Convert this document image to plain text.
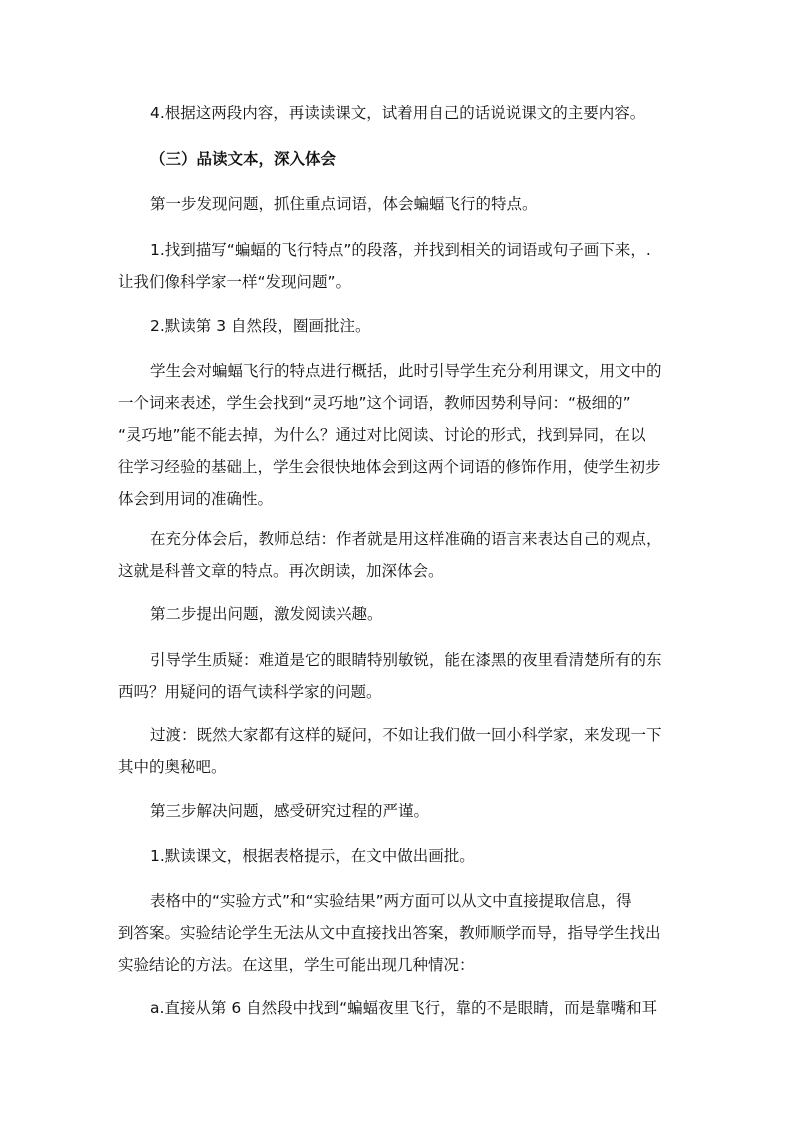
4.根据这两段内容，再读读课文，试着用自己的话说说课文的主要内容。

（三）品读文本，深入体会

第一步发现问题，抓住重点词语，体会蝙蝠飞行的特点。

1.找到描写“蝙蝠的飞行特点”的段落，并找到相关的词语或句子画下来，.
让我们像科学家一样“发现问题”。

2.默读第 3 自然段，圈画批注。

学生会对蝙蝠飞行的特点进行概括，此时引导学生充分利用课文，用文中的
一个词来表述，学生会找到“灵巧地”这个词语，教师因势利导问：“极细的”
“灵巧地”能不能去掉，为什么？通过对比阅读、讨论的形式，找到异同，在以
往学习经验的基础上，学生会很快地体会到这两个词语的修饰作用，使学生初步
体会到用词的准确性。

在充分体会后，教师总结：作者就是用这样准确的语言来表达自己的观点，
这就是科普文章的特点。再次朗读，加深体会。

第二步提出问题，激发阅读兴趣。

引导学生质疑：难道是它的眼睛特别敏锐，能在漆黑的夜里看清楚所有的东
西吗？用疑问的语气读科学家的问题。

过渡：既然大家都有这样的疑问，不如让我们做一回小科学家，来发现一下
其中的奥秘吧。

第三步解决问题，感受研究过程的严谨。

1.默读课文，根据表格提示，在文中做出画批。

表格中的“实验方式”和“实验结果”两方面可以从文中直接提取信息，得
到答案。实验结论学生无法从文中直接找出答案，教师顺学而导，指导学生找出
实验结论的方法。在这里，学生可能出现几种情况：

a.直接从第 6 自然段中找到“蝙蝠夜里飞行，靠的不是眼睛，而是靠嘴和耳
